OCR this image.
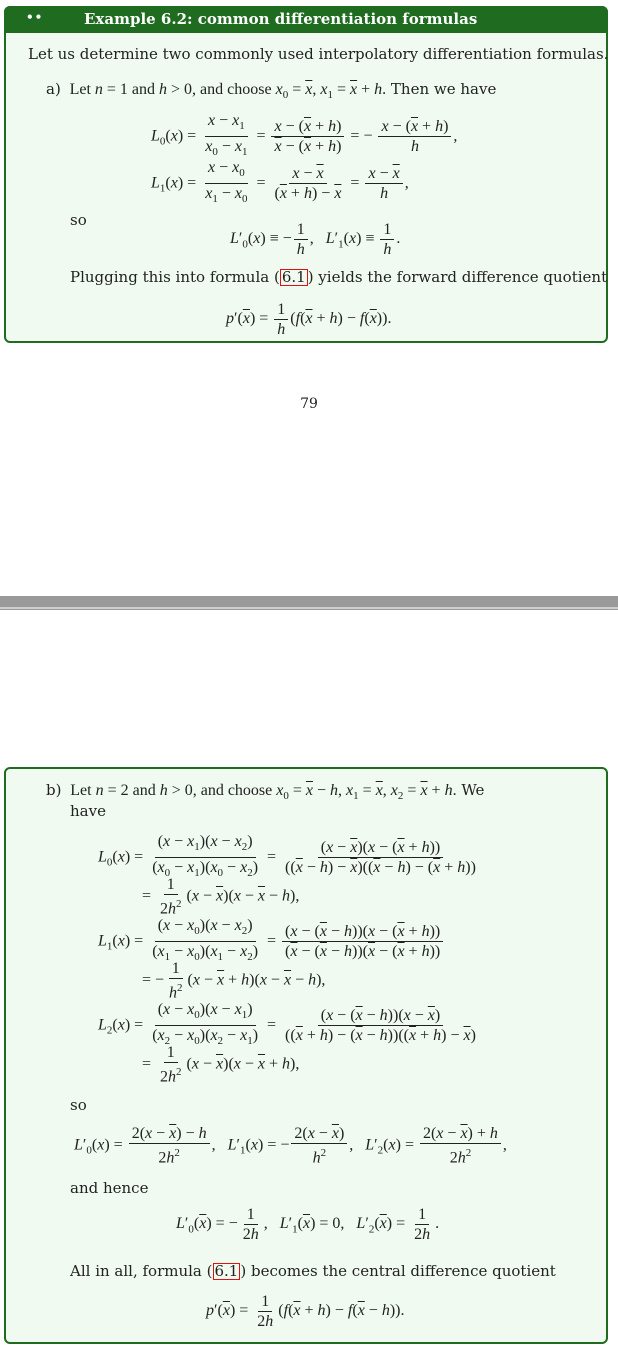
••	Example 6.2: common differentiation formulas
Let us determine two commonly used interpolatory differentiation formulas.
a)  Let n = 1 and h > 0, and choose $x_0 = \overline{x}$, $x_1 = \overline{x} + h$. Then we have
$L_0(x) = \frac{x - x_1}{x_0 - x_1} = \frac{x - (\overline{x} + h)}{\overline{x} - (\overline{x} + h)}$ = − $\frac{x - (\overline{x} + h)}{h}$ ,
$L_1(x) = \frac{x - x_0}{x_1 - x_0} = \frac{x - \overline{x}}{(\overline{x} + h) - \overline{x}} = \frac{x - \overline{x}}{h}$ ,
so
$L'_0(x)$ ≡ − $\frac{1}{h}$ ,   $L'_1(x) \equiv \frac{1}{h}$ .
Plugging this into formula ( 6.1 ) yields the forward difference quotient
$p'(\overline{x}) = \frac{1}{h} (f(\overline{x} + h) - f(\overline{x}))$.
79
b)  Let n = 2 and h > 0, and choose $x_0 = \overline{x} - h$, $x_1 = \overline{x}$, $x_2 = \overline{x} + h$. We
have
$L_0(x) = \frac{(x - x_1)(x - x_2)}{(x_0 - x_1)(x_0 - x_2)} = \frac{(x - \overline{x})(x - (\overline{x} + h))}{((\overline{x} - h) - \overline{x})((\overline{x} - h) - (\overline{x} + h))}$
= $\frac{1}{2h^2} (x - \overline{x})(x - \overline{x} - h)$,
$L_1(x) = \frac{(x - x_0)(x - x_2)}{(x_1 - x_0)(x_1 - x_2)} = \frac{(x - (\overline{x} - h))(x - (\overline{x} + h))}{(\overline{x} - (\overline{x} - h))(\overline{x} - (\overline{x} + h))}$
= − $\frac{1}{h^2} (x - \overline{x} + h)(x - \overline{x} - h)$,
$L_2(x) = \frac{(x - x_0)(x - x_1)}{(x_2 - x_0)(x_2 - x_1)} = \frac{(x - (\overline{x} - h))(x - \overline{x})}{((\overline{x} + h) - (\overline{x} - h))((\overline{x} + h) - \overline{x})}$
= $\frac{1}{2h^2} (x - \overline{x})(x - \overline{x} + h)$,
so
$L'_0(x) = \frac{2(x - \overline{x}) - h}{2h^2}$ ,   $L'_1(x)$ = − $\frac{2(x - \overline{x})}{h^2}$ ,   $L'_2(x) = \frac{2(x - \overline{x}) + h}{2h^2}$ ,
and hence
$L'_0(\overline{x})$ = − $\frac{1}{2h}$ ,   $L'_1(\overline{x}) = 0$,   $L'_2(\overline{x}) = \frac{1}{2h}$ .
All in all, formula ( 6.1 ) becomes the central difference quotient
$p'(\overline{x}) = \frac{1}{2h} (f(\overline{x} + h) - f(\overline{x} - h))$.
